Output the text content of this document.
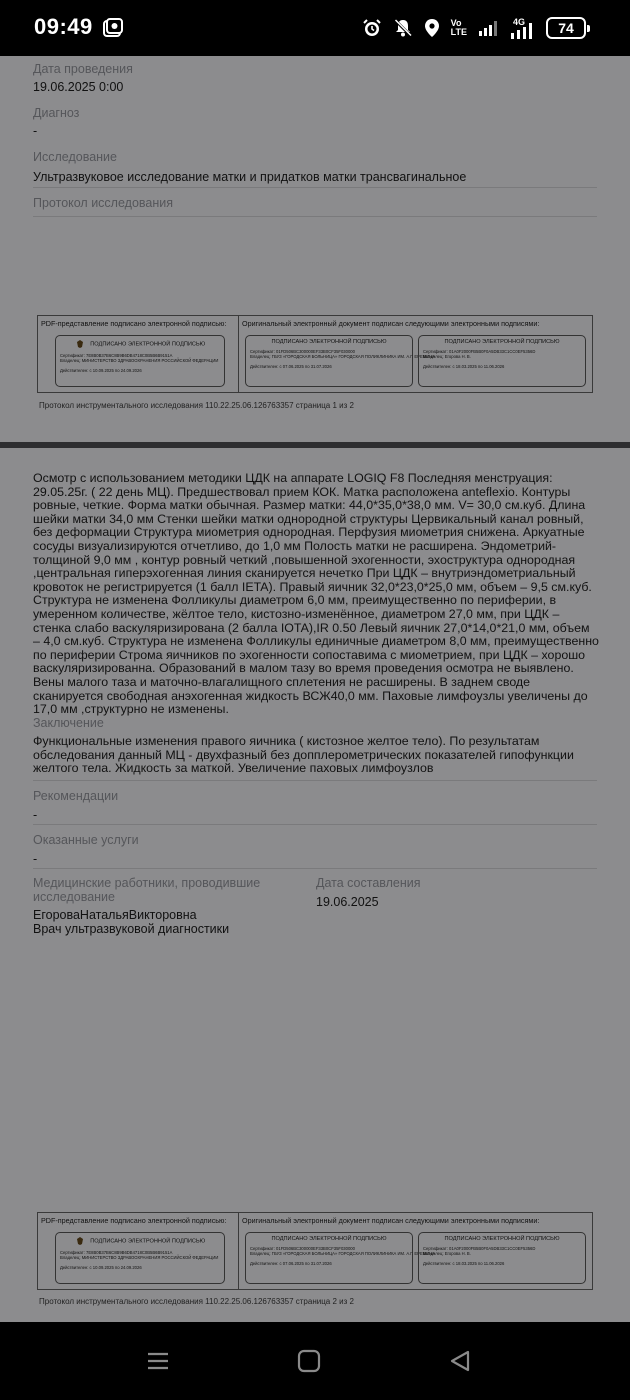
09:49	Vo
LTE
4G 74
Дата проведения
19.06.2025 0:00
Диагноз
-
Исследование
Ультразвуковое исследование матки и придатков матки трансвагинальное
Протокол исследования
PDF-представление подписано электронной подписью: Оригинальный электронный документ подписан следующими электронными подписями:
ПОДПИСАНО ЭЛЕКТРОННОЙ ПОДПИСЬЮ
Сертификат: 7E8B0B37B6C8B9B6DB4718C0B5B6B9151A
Владелец: МИНИСТЕРСТВО ЗДРАВООХРАНЕНИЯ РОССИЙСКОЙ ФЕДЕРАЦИИ
Действителен: с 10.09.2025 по 24.09.2026
ПОДПИСАНО ЭЛЕКТРОННОЙ ПОДПИСЬЮ
Сертификат: 01FD506BC300000EF33B0CF35F030000
Владелец: ГБУЗ «ГОРОДСКАЯ БОЛЬНИЦА» ГОРОДСКАЯ ПОЛИКЛИНИКА ИМ. А.Г. ЕРЕМИНА
Действителен: с 07.06.2025 по 31.07.2026
ПОДПИСАНО ЭЛЕКТРОННОЙ ПОДПИСЬЮ
Сертификат: 01A0F2000FB5B0F0A5DB33C1CC0EF5356D
Владелец: Егорова Н. В.
Действителен: с 18.03.2025 по 11.06.2026
Протокол инструментального исследования 110.22.25.06.126763357 страница 1 из 2
Осмотр с использованием методики ЦДК на аппарате LOGIQ F8 Последняя менструация: 29.05.25г. ( 22 день МЦ). Предшествовал прием КОК. Матка расположена anteflexio. Контуры ровные, четкие. Форма матки обычная. Размер матки: 44,0*35,0*38,0 мм. V= 30,0 см.куб. Длина шейки матки 34,0 мм Стенки шейки матки однородной структуры Цервикальный канал ровный, без деформации Структура миометрия однородная. Перфузия миометрия снижена. Аркуатные сосуды визуализируются отчетливо, до 1,0 мм Полость матки не расширена. Эндометрий- толщиной 9,0 мм , контур ровный четкий ,повышенной эхогенности, эхоструктура однородная ,центральная гиперэхогенная линия сканируется нечетко При ЦДК – внутриэндометриальный кровоток не регистрируется (1 балл IETA). Правый яичник 32,0*23,0*25,0 мм, объем – 9,5 см.куб. Структура не изменена Фолликулы диаметром 6,0 мм, преимущественно по периферии, в умеренном количестве, жёлтое тело, кистозно-изменённое, диаметром 27,0 мм, при ЦДК – стенка слабо васкуляризирована (2 балла IOTA),IR 0.50 Левый яичник 27,0*14,0*21,0 мм, объем – 4,0 см.куб. Структура не изменена Фолликулы единичные диаметром 8,0 мм, преимущественно по периферии Строма яичников по эхогенности сопоставима с миометрием, при ЦДК – хорошо васкуляризированна. Образований в малом тазу во время проведения осмотра не выявлено. Вены малого таза и маточно-влагалищного сплетения не расширены. В заднем своде сканируется свободная анэхогенная жидкость ВСЖ40,0 мм. Паховые лимфоузлы увеличены до 17,0 мм ,структурно не изменены.
Заключение
Функциональные изменения правого яичника ( кистозное желтое тело). По результатам обследования данный МЦ - двухфазный без допплерометрических показателей гипофункции желтого тела. Жидкость за маткой. Увеличение паховых лимфоузлов
Рекомендации
-
Оказанные услуги
-
Медицинские работники, проводившие исследование
ЕгороваНатальяВикторовна
Врач ультразвуковой диагностики
Дата составления
19.06.2025
PDF-представление подписано электронной подписью: Оригинальный электронный документ подписан следующими электронными подписями:
ПОДПИСАНО ЭЛЕКТРОННОЙ ПОДПИСЬЮ
Сертификат: 7E8B0B37B6C8B9B6DB4718C0B5B6B9151A
Владелец: МИНИСТЕРСТВО ЗДРАВООХРАНЕНИЯ РОССИЙСКОЙ ФЕДЕРАЦИИ
Действителен: с 10.09.2025 по 24.09.2026
ПОДПИСАНО ЭЛЕКТРОННОЙ ПОДПИСЬЮ
Сертификат: 01FD506BC300000EF33B0CF35F030000
Владелец: ГБУЗ «ГОРОДСКАЯ БОЛЬНИЦА» ГОРОДСКАЯ ПОЛИКЛИНИКА ИМ. А.Г. ЕРЕМИНА
Действителен: с 07.06.2025 по 31.07.2026
ПОДПИСАНО ЭЛЕКТРОННОЙ ПОДПИСЬЮ
Сертификат: 01A0F2000FB5B0F0A5DB33C1CC0EF5356D
Владелец: Егорова Н. В.
Действителен: с 18.03.2025 по 11.06.2026
Протокол инструментального исследования 110.22.25.06.126763357 страница 2 из 2
